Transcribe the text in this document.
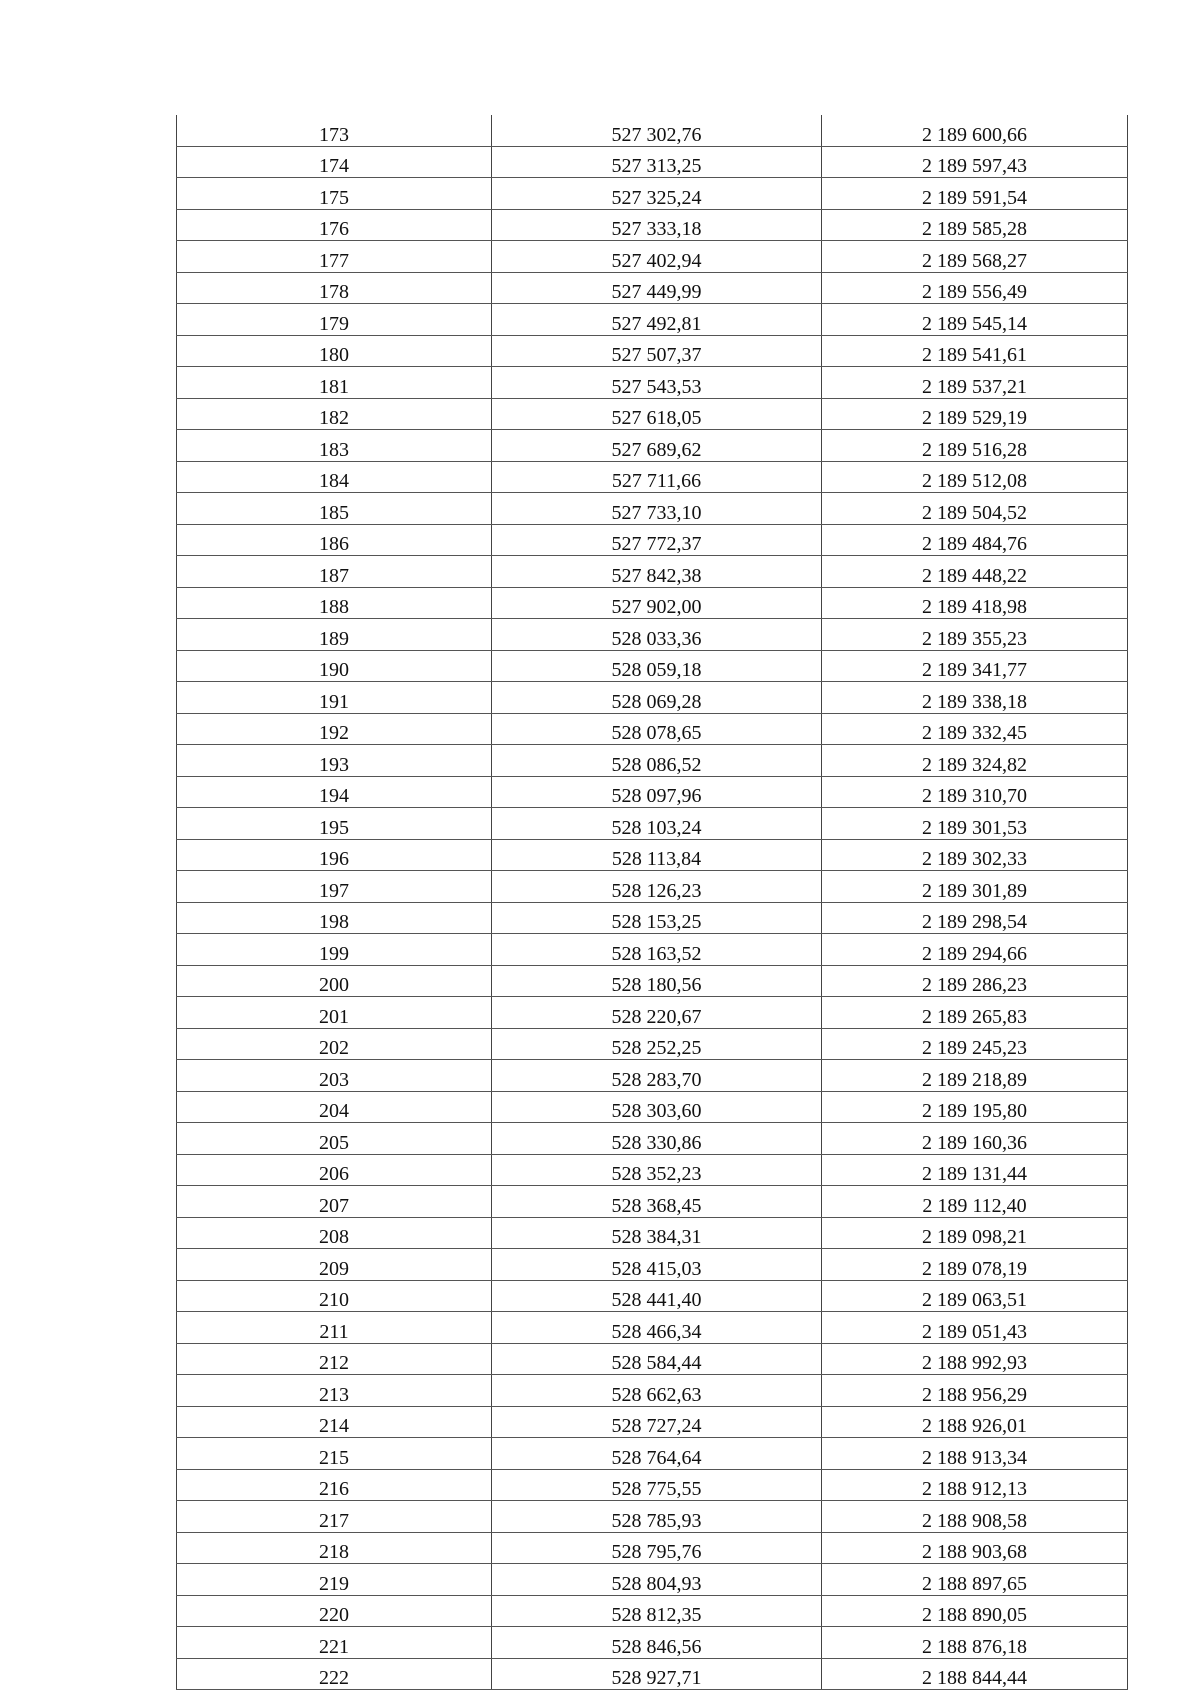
173	527 302,76	2 189 600,66
174	527 313,25	2 189 597,43
175	527 325,24	2 189 591,54
176	527 333,18	2 189 585,28
177	527 402,94	2 189 568,27
178	527 449,99	2 189 556,49
179	527 492,81	2 189 545,14
180	527 507,37	2 189 541,61
181	527 543,53	2 189 537,21
182	527 618,05	2 189 529,19
183	527 689,62	2 189 516,28
184	527 711,66	2 189 512,08
185	527 733,10	2 189 504,52
186	527 772,37	2 189 484,76
187	527 842,38	2 189 448,22
188	527 902,00	2 189 418,98
189	528 033,36	2 189 355,23
190	528 059,18	2 189 341,77
191	528 069,28	2 189 338,18
192	528 078,65	2 189 332,45
193	528 086,52	2 189 324,82
194	528 097,96	2 189 310,70
195	528 103,24	2 189 301,53
196	528 113,84	2 189 302,33
197	528 126,23	2 189 301,89
198	528 153,25	2 189 298,54
199	528 163,52	2 189 294,66
200	528 180,56	2 189 286,23
201	528 220,67	2 189 265,83
202	528 252,25	2 189 245,23
203	528 283,70	2 189 218,89
204	528 303,60	2 189 195,80
205	528 330,86	2 189 160,36
206	528 352,23	2 189 131,44
207	528 368,45	2 189 112,40
208	528 384,31	2 189 098,21
209	528 415,03	2 189 078,19
210	528 441,40	2 189 063,51
211	528 466,34	2 189 051,43
212	528 584,44	2 188 992,93
213	528 662,63	2 188 956,29
214	528 727,24	2 188 926,01
215	528 764,64	2 188 913,34
216	528 775,55	2 188 912,13
217	528 785,93	2 188 908,58
218	528 795,76	2 188 903,68
219	528 804,93	2 188 897,65
220	528 812,35	2 188 890,05
221	528 846,56	2 188 876,18
222	528 927,71	2 188 844,44
